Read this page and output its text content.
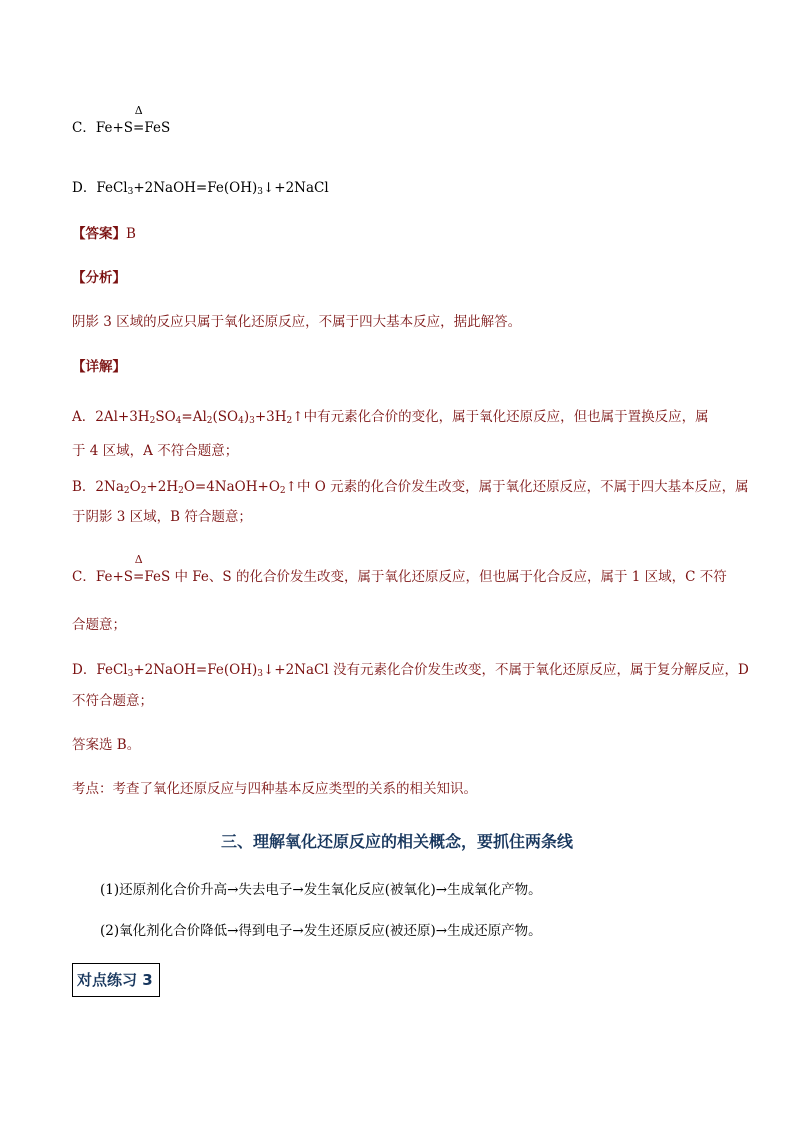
C．Fe+S
Δ
=FeS
D．$FeCl_3+2NaOH=Fe(OH)_3↓+2NaCl$
【答案】B
【分析】
阴影 3 区域的反应只属于氧化还原反应，不属于四大基本反应，据此解答。
【详解】
A．$2Al+3H_2SO_4=Al_2(SO_4)_3+3H_2↑$中有元素化合价的变化，属于氧化还原反应，但也属于置换反应，属于 4 区域，A 不符合题意；
B．$2Na_2O_2+2H_2O=4NaOH+O_2↑$中 O 元素的化合价发生改变，属于氧化还原反应，不属于四大基本反应，属
于阴影 3 区域，B 符合题意；
C．Fe+S
Δ
=FeS 中 Fe、S 的化合价发生改变，属于氧化还原反应，但也属于化合反应，属于 1 区域，C 不符
合题意；
D．$FeCl_3+2NaOH=Fe(OH)_3↓+2NaCl$ 没有元素化合价发生改变，不属于氧化还原反应，属于复分解反应，D
不符合题意；
答案选 B。
考点：考查了氧化还原反应与四种基本反应类型的关系的相关知识。
三、理解氧化还原反应的相关概念，要抓住两条线
(1)还原剂化合价升高→失去电子→发生氧化反应(被氧化)→生成氧化产物。
(2)氧化剂化合价降低→得到电子→发生还原反应(被还原)→生成还原产物。
对点练习 3
